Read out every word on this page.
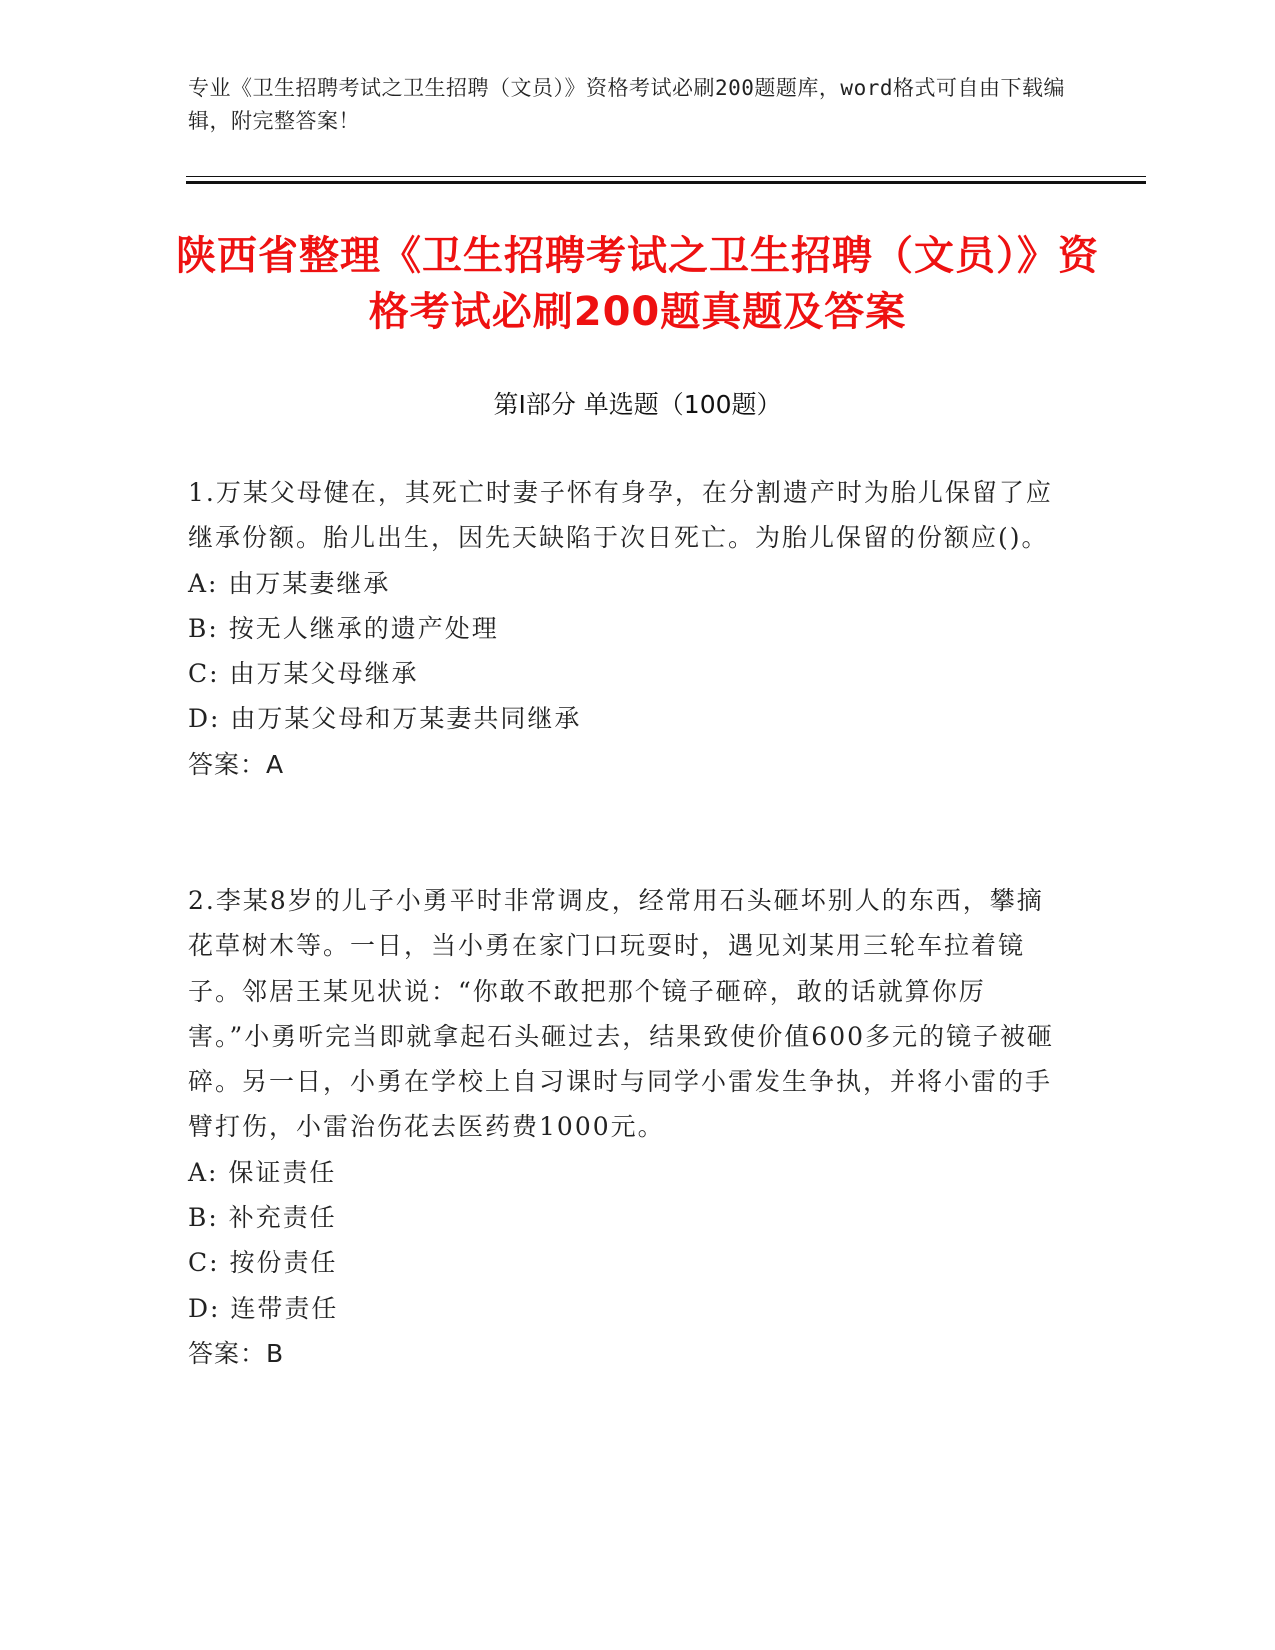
专业《卫生招聘考试之卫生招聘（文员）》资格考试必刷200题题库，word格式可自由下载编辑，附完整答案！
陕西省整理《卫生招聘考试之卫生招聘（文员）》资格考试必刷200题真题及答案
第I部分 单选题（100题）

1.万某父母健在，其死亡时妻子怀有身孕，在分割遗产时为胎儿保留了应继承份额。胎儿出生，因先天缺陷于次日死亡。为胎儿保留的份额应()。

A: 由万某妻继承

B: 按无人继承的遗产处理

C: 由万某父母继承

D: 由万某父母和万某妻共同继承

答案：A

2.李某8岁的儿子小勇平时非常调皮，经常用石头砸坏别人的东西，攀摘花草树木等。一日，当小勇在家门口玩耍时，遇见刘某用三轮车拉着镜子。邻居王某见状说：“你敢不敢把那个镜子砸碎，敢的话就算你厉害。”小勇听完当即就拿起石头砸过去，结果致使价值600多元的镜子被砸碎。另一日，小勇在学校上自习课时与同学小雷发生争执，并将小雷的手臂打伤，小雷治伤花去医药费1000元。

A: 保证责任

B: 补充责任

C: 按份责任

D: 连带责任

答案：B
